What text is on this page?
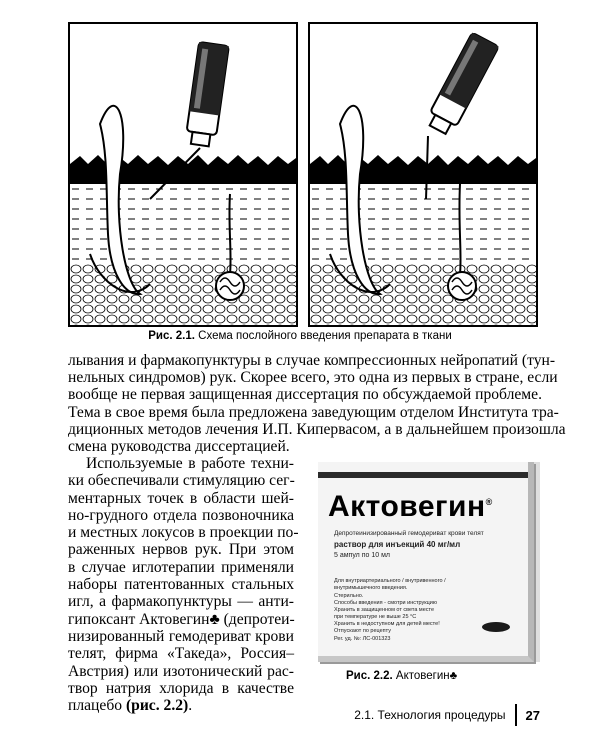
Рис. 2.1. Схема послойного введения препарата в ткани
лывания и фармакопунктуры в случае компрессионных нейропатий (тун-
нельных синдромов) рук. Скорее всего, это одна из первых в стране, если
вообще не первая защищенная диссертация по обсуждаемой проблеме.
Тема в свое время была предложена заведующим отделом Института тра-
диционных методов лечения И.П. Кипервасом, а в дальнейшем произошла
смена руководства диссертацией.
Используемые в работе техни-
ки обеспечивали стимуляцию сег-
ментарных точек в области шей-
но-грудного отдела позвоночника
и местных локусов в проекции по-
раженных нервов рук. При этом
в случае иглотерапии применяли
наборы патентованных стальных
игл, а фармакопунктуры — анти-
гипоксант Актовегин♣ (депротеи-
низированный гемодериват крови
телят, фирма «Такеда», Россия–
Австрия) или изотонический рас-
твор натрия хлорида в качестве
плацебо (рис. 2.2).
Актовегин®
Депротеинизированный гемодериват крови телят
раствор для инъекций 40 мг/мл
5 ампул по 10 мл
Для внутриартериального / внутривенного /
внутримышечного введения.
Стерильно.
Способы введения - смотри инструкцию
Хранить в защищенном от света месте
при температуре не выше 25 °С
Хранить в недоступном для детей месте!
Отпускают по рецепту
Рег. уд. №: ЛС-001323
Рис. 2.2. Актовегин♣
2.1. Технология процедуры	27
